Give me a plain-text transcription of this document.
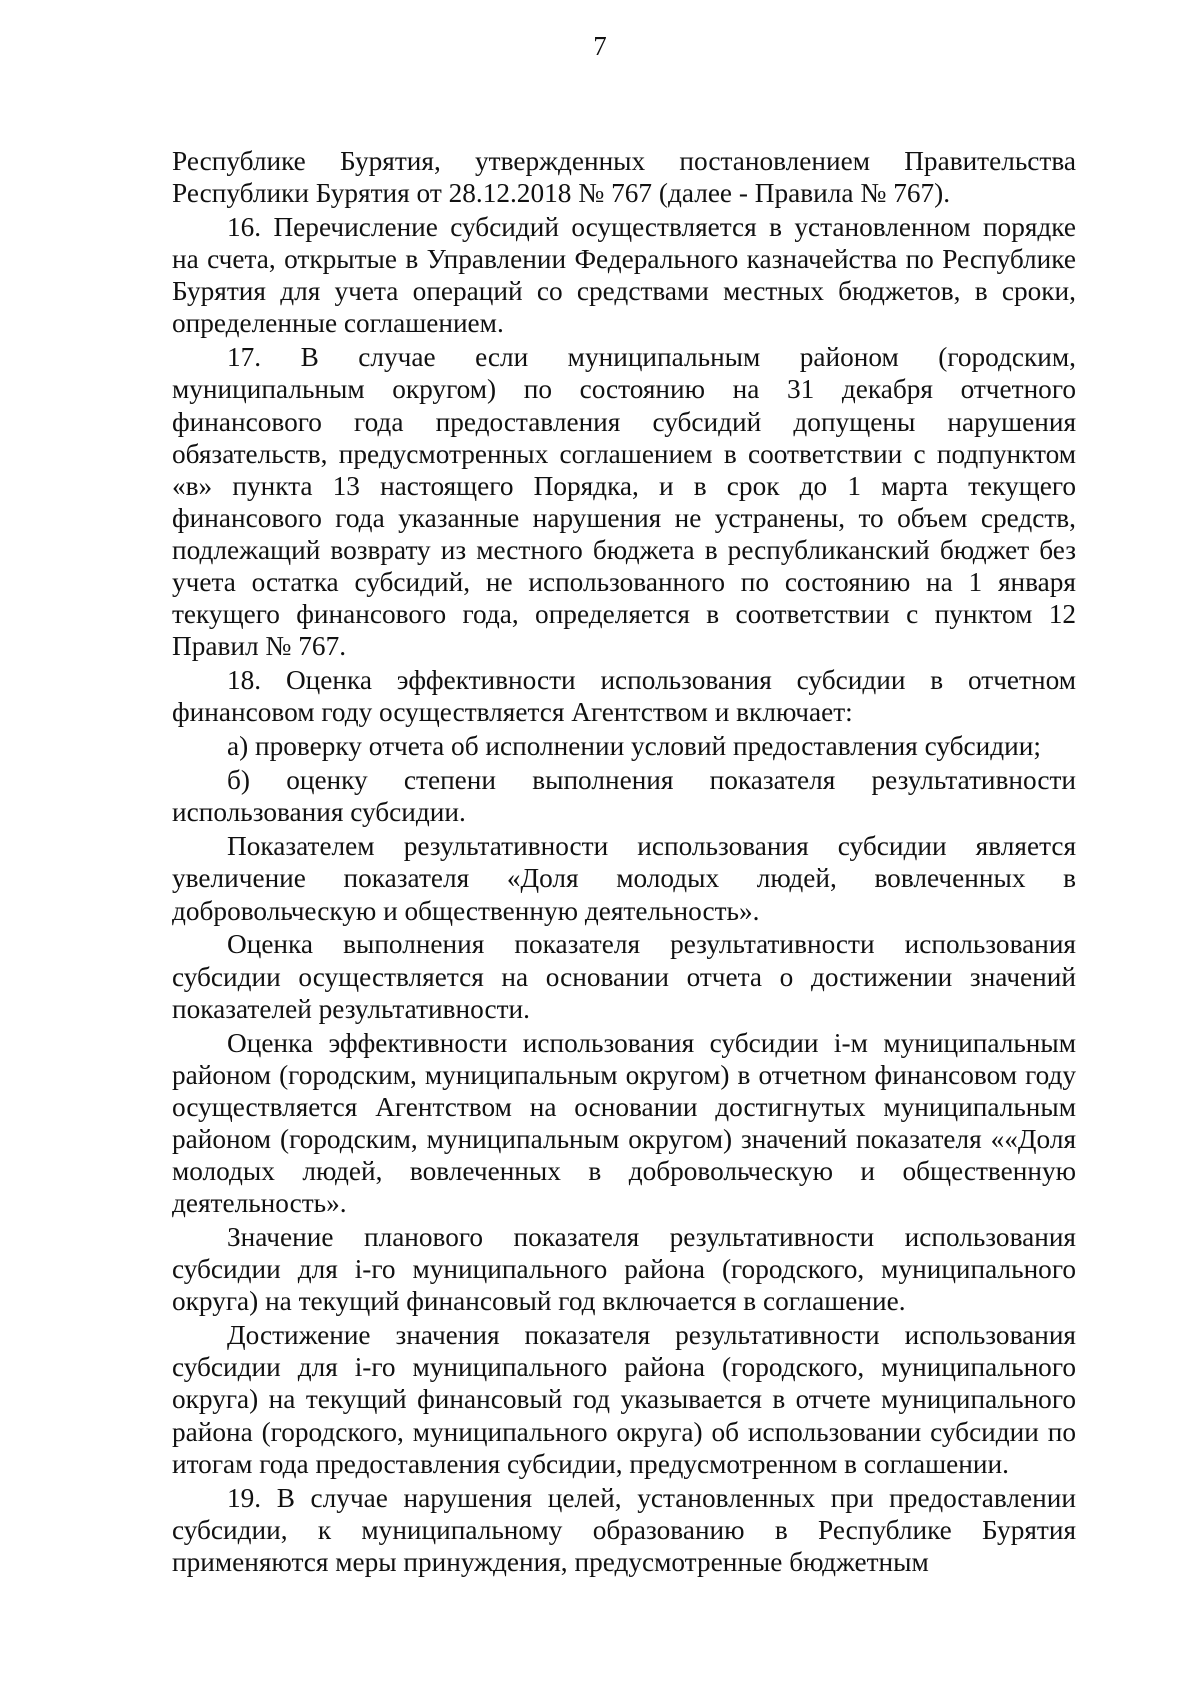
7

Республике Бурятия, утвержденных постановлением Правительства Республики Бурятия от 28.12.2018 № 767 (далее - Правила № 767).

16. Перечисление субсидий осуществляется в установленном порядке на счета, открытые в Управлении Федерального казначейства по Республике Бурятия для учета операций со средствами местных бюджетов, в сроки, определенные соглашением.

17. В случае если муниципальным районом (городским, муниципальным округом) по состоянию на 31 декабря отчетного финансового года предоставления субсидий допущены нарушения обязательств, предусмотренных соглашением в соответствии с подпунктом «в» пункта 13 настоящего Порядка, и в срок до 1 марта текущего финансового года указанные нарушения не устранены, то объем средств, подлежащий возврату из местного бюджета в республиканский бюджет без учета остатка субсидий, не использованного по состоянию на 1 января текущего финансового года, определяется в соответствии с пунктом 12 Правил № 767.

18. Оценка эффективности использования субсидии в отчетном финансовом году осуществляется Агентством и включает:

а) проверку отчета об исполнении условий предоставления субсидии;

б) оценку степени выполнения показателя результативности использования субсидии.

Показателем результативности использования субсидии является увеличение показателя «Доля молодых людей, вовлеченных в добровольческую и общественную деятельность».

Оценка выполнения показателя результативности использования субсидии осуществляется на основании отчета о достижении значений показателей результативности.

Оценка эффективности использования субсидии i-м муниципальным районом (городским, муниципальным округом) в отчетном финансовом году осуществляется Агентством на основании достигнутых муниципальным районом (городским, муниципальным округом) значений показателя ««Доля молодых людей, вовлеченных в добровольческую и общественную деятельность».

Значение планового показателя результативности использования субсидии для i-го муниципального района (городского, муниципального округа) на текущий финансовый год включается в соглашение.

Достижение значения показателя результативности использования субсидии для i-го муниципального района (городского, муниципального округа) на текущий финансовый год указывается в отчете муниципального района (городского, муниципального округа) об использовании субсидии по итогам года предоставления субсидии, предусмотренном в соглашении.

19. В случае нарушения целей, установленных при предоставлении субсидии, к муниципальному образованию в Республике Бурятия применяются меры принуждения, предусмотренные бюджетным
